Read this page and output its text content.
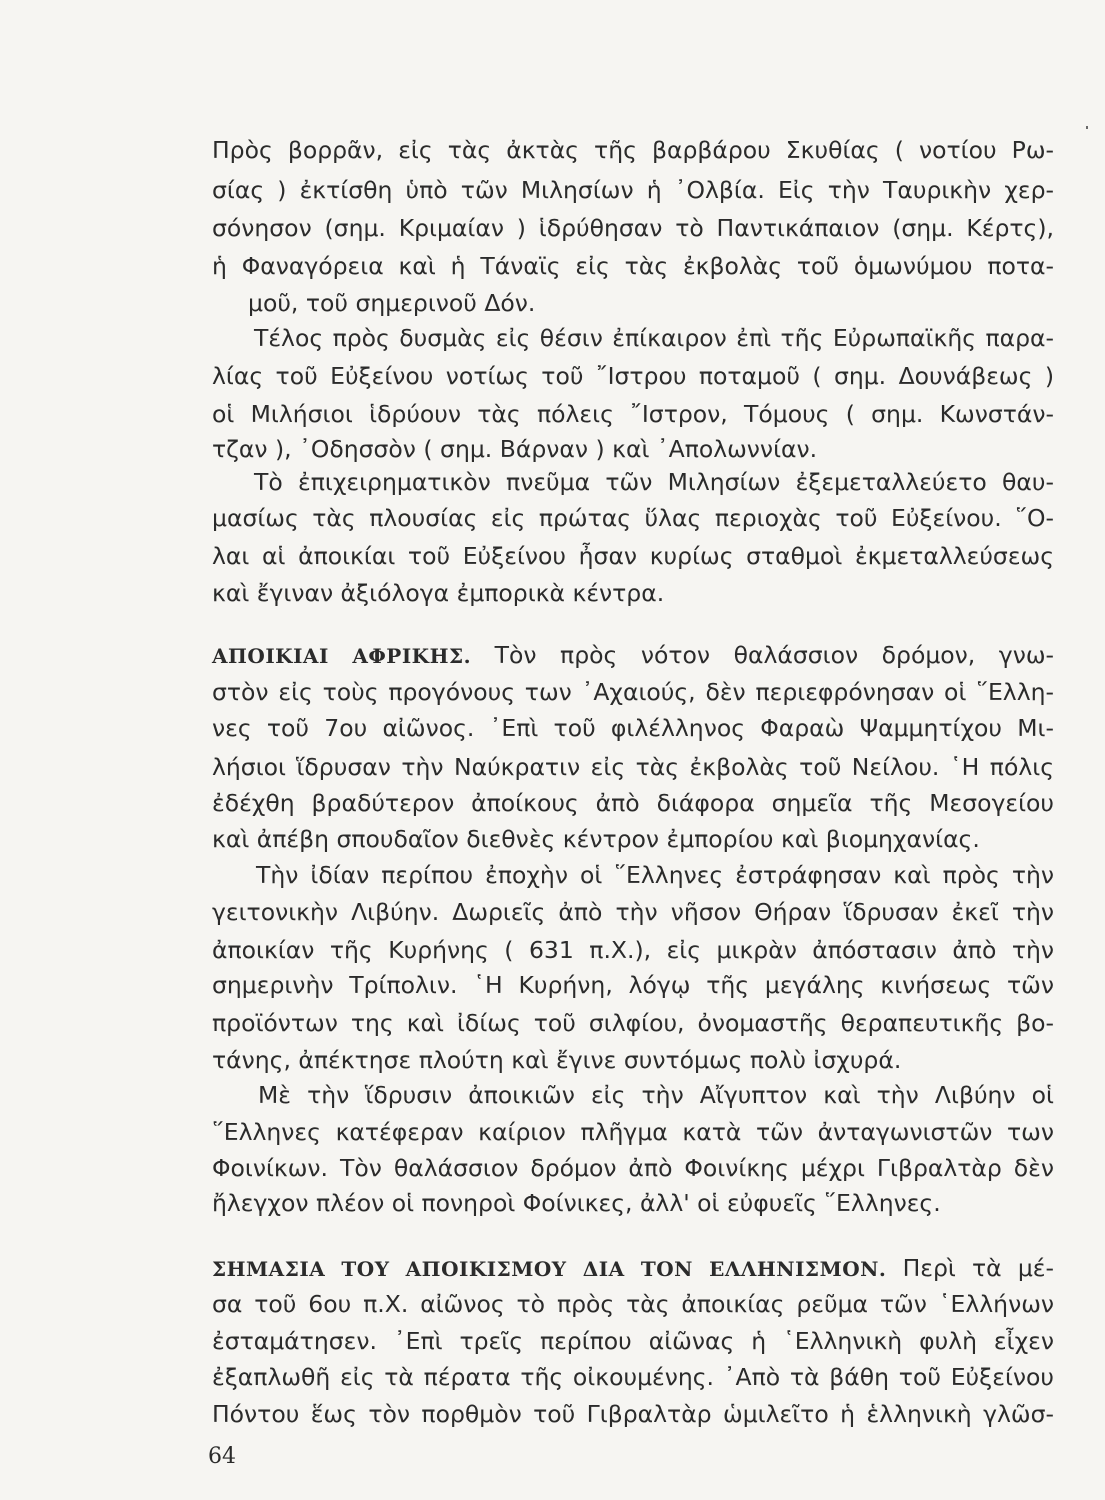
Πρὸς βορρᾶν, εἰς τὰς ἀκτὰς τῆς βαρβάρου Σκυθίας ( νοτίου Ρω-
σίας ) ἐκτίσθη ὑπὸ τῶν Μιλησίων ἡ ᾿Ολβία. Εἰς τὴν Ταυρικὴν χερ-
σόνησον (σημ. Κριμαίαν ) ἱδρύθησαν τὸ Παντικάπαιον (σημ. Κέρτς),
ἡ Φαναγόρεια καὶ ἡ Τάναϊς εἰς τὰς ἐκβολὰς τοῦ ὁμωνύμου ποτα-
μοῦ, τοῦ σημερινοῦ Δόν.
Τέλος πρὸς δυσμὰς εἰς θέσιν ἐπίκαιρον ἐπὶ τῆς Εὐρωπαϊκῆς παρα-
λίας τοῦ Εὐξείνου νοτίως τοῦ ῎Ιστρου ποταμοῦ ( σημ. Δουνάβεως )
οἱ Μιλήσιοι ἱδρύουν τὰς πόλεις ῎Ιστρον, Τόμους ( σημ. Κωνστάν-
τζαν ), ᾿Οδησσὸν ( σημ. Βάρναν ) καὶ ᾿Απολωννίαν.
Τὸ ἐπιχειρηματικὸν πνεῦμα τῶν Μιλησίων ἐξεμεταλλεύετο θαυ-
μασίως τὰς πλουσίας εἰς πρώτας ὕλας περιοχὰς τοῦ Εὐξείνου. ῞Ο-
λαι αἱ ἀποικίαι τοῦ Εὐξείνου ἦσαν κυρίως σταθμοὶ ἐκμεταλλεύσεως
καὶ ἔγιναν ἀξιόλογα ἐμπορικὰ κέντρα.
ΑΠΟΙΚΙΑΙ ΑΦΡΙΚΗΣ. Τὸν πρὸς νότον θαλάσσιον δρόμον, γνω-
στὸν εἰς τοὺς προγόνους των ᾿Αχαιούς, δὲν περιεφρόνησαν οἱ ῞Ελλη-
νες τοῦ 7ου αἰῶνος. ᾿Επὶ τοῦ φιλέλληνος Φαραὼ Ψαμμητίχου Μι-
λήσιοι ἵδρυσαν τὴν Ναύκρατιν εἰς τὰς ἐκβολὰς τοῦ Νείλου. ῾Η πόλις
ἐδέχθη βραδύτερον ἀποίκους ἀπὸ διάφορα σημεῖα τῆς Μεσογείου
καὶ ἀπέβη σπουδαῖον διεθνὲς κέντρον ἐμπορίου καὶ βιομηχανίας.
Τὴν ἰδίαν περίπου ἐποχὴν οἱ ῞Ελληνες ἐστράφησαν καὶ πρὸς τὴν
γειτονικὴν Λιβύην. Δωριεῖς ἀπὸ τὴν νῆσον Θήραν ἵδρυσαν ἐκεῖ τὴν
ἀποικίαν τῆς Κυρήνης ( 631 π.Χ.), εἰς μικρὰν ἀπόστασιν ἀπὸ τὴν
σημερινὴν Τρίπολιν. ῾Η Κυρήνη, λόγῳ τῆς μεγάλης κινήσεως τῶν
προϊόντων της καὶ ἰδίως τοῦ σιλφίου, ὀνομαστῆς θεραπευτικῆς βο-
τάνης, ἀπέκτησε πλούτη καὶ ἔγινε συντόμως πολὺ ἰσχυρά.
Μὲ τὴν ἵδρυσιν ἀποικιῶν εἰς τὴν Αἴγυπτον καὶ τὴν Λιβύην οἱ
῞Ελληνες κατέφεραν καίριον πλῆγμα κατὰ τῶν ἀνταγωνιστῶν των
Φοινίκων. Τὸν θαλάσσιον δρόμον ἀπὸ Φοινίκης μέχρι Γιβραλτὰρ δὲν
ἤλεγχον πλέον οἱ πονηροὶ Φοίνικες, ἀλλ' οἱ εὐφυεῖς ῞Ελληνες.
ΣΗΜΑΣΙΑ ΤΟΥ ΑΠΟΙΚΙΣΜΟΥ ΔΙΑ ΤΟΝ ΕΛΛΗΝΙΣΜΟΝ. Περὶ τὰ μέ-
σα τοῦ 6ου π.Χ. αἰῶνος τὸ πρὸς τὰς ἀποικίας ρεῦμα τῶν ῾Ελλήνων
ἐσταμάτησεν. ᾿Επὶ τρεῖς περίπου αἰῶνας ἡ ῾Ελληνικὴ φυλὴ εἶχεν
ἐξαπλωθῆ εἰς τὰ πέρατα τῆς οἰκουμένης. ᾿Απὸ τὰ βάθη τοῦ Εὐξείνου
Πόντου ἕως τὸν πορθμὸν τοῦ Γιβραλτὰρ ὡμιλεῖτο ἡ ἑλληνικὴ γλῶσ-
64
